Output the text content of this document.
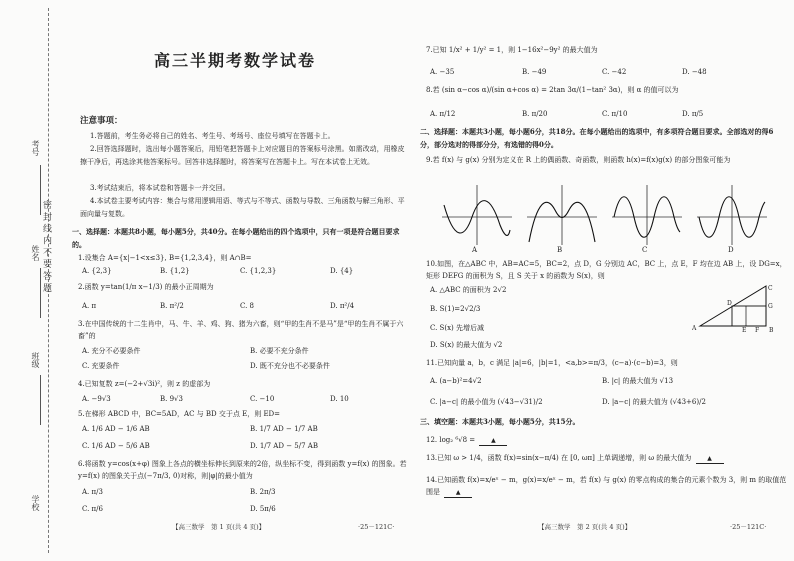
密 封 线 内 不 要 答 题
考号
姓名
班级
学校
高三半期考数学试卷
注意事项：
1.答题前，考生务必将自己的姓名、考生号、考场号、座位号填写在答题卡上。
2.回答选择题时，选出每小题答案后，用铅笔把答题卡上对应题目的答案标号涂黑。如需改动，用橡皮擦干净后，再选涂其他答案标号。回答非选择题时，将答案写在答题卡上。写在本试卷上无效。
3.考试结束后，将本试卷和答题卡一并交回。
4.本试卷主要考试内容：集合与常用逻辑用语、等式与不等式、函数与导数、三角函数与解三角形、平面向量与复数。
一、选择题：本题共8小题，每小题5分，共40分。在每小题给出的四个选项中，只有一项是符合题目要求的。
1.设集合 A={x|−1<x≤3}, B={1,2,3,4}，则 A∩B=
A. {2,3}	B. {1,2}	C. {1,2,3}	D. {4}
2.函数 y=tan(1/π x−1/3) 的最小正周期为
A. π	B. π²/2	C. 8	D. π²/4
3.在中国传统的十二生肖中，马、牛、羊、鸡、狗、猪为六畜，则“甲的生肖不是马”是“甲的生肖不属于六畜”的
A. 充分不必要条件	B. 必要不充分条件
C. 充要条件	D. 既不充分也不必要条件
4.已知复数 z=(−2+√3i)²，则 z 的虚部为
A. −9√3	B. 9√3	C. −10	D. 10
5.在梯形 ABCD 中，BC=5AD，AC 与 BD 交于点 E，则 ED=
A. 1/6 AD − 1/6 AB	B. 1/7 AD − 1/7 AB
C. 1/6 AD − 5/6 AB	D. 1/7 AD − 5/7 AB
6.将函数 y=cos(x+φ) 图象上各点的横坐标伸长到原来的2倍，纵坐标不变，得到函数 y=f(x) 的图象。若 y=f(x) 的图象关于点(−7π/3, 0)对称，则|φ|的最小值为
A. π/3	B. 2π/3
C. π/6	D. 5π/6
【高三数学　第 1 页(共 4 页)】	·25－121C·
7.已知 1/x² + 1/y² = 1，则 1−16x²−9y² 的最大值为
A. −35	B. −49	C. −42	D. −48
8.若 (sin α−cos α)/(sin α+cos α) = 2tan 3α/(1−tan² 3α)，则 α 的值可以为
A. π/12	B. π/20	C. π/10	D. π/5
二、选择题：本题共3小题，每小题6分，共18分。在每小题给出的选项中，有多项符合题目要求。全部选对的得6分，部分选对的得部分分，有选错的得0分。
9.若 f(x) 与 g(x) 分别为定义在 R 上的偶函数、奇函数，则函数 h(x)=f(x)g(x) 的部分图象可能为
A	B	C	D
10.如图，在△ABC 中，AB=AC=5，BC=2，点 D，G 分别边 AC，BC 上，点 E，F 均在边 AB 上，设 DG=x，矩形 DEFG 的面积为 S，且 S 关于 x 的函数为 S(x)，则
A. △ABC 的面积为 2√2
B. S(1)=2√2/3
C. S(x) 先增后减
D. S(x) 的最大值为 √2
C
D	G
A	E F B
11.已知向量 a，b，c 满足 |a|=6，|b|=1，<a,b>=π/3，(c−a)·(c−b)=3，则
A. (a−b)²=4√2	B. |c| 的最大值为 √13
C. |a−c| 的最小值为 (√43−√31)/2	D. |a−c| 的最大值为 (√43+6)/2
三、填空题：本题共3小题，每小题5分，共15分。
12. log₂ ⁶√8 =	▲
13.已知 ω > 1/4，函数 f(x)=sin(x−π/4) 在 [0, ωπ] 上单调递增，则 ω 的最大值为	▲
14.已知函数 f(x)=x/eˣ − m，g(x)=x/eˣ − m，若 f(x) 与 g(x) 的零点构成的集合的元素个数为 3，则 m 的取值范围是	▲
【高三数学　第 2 页(共 4 页)】	·25－121C·
